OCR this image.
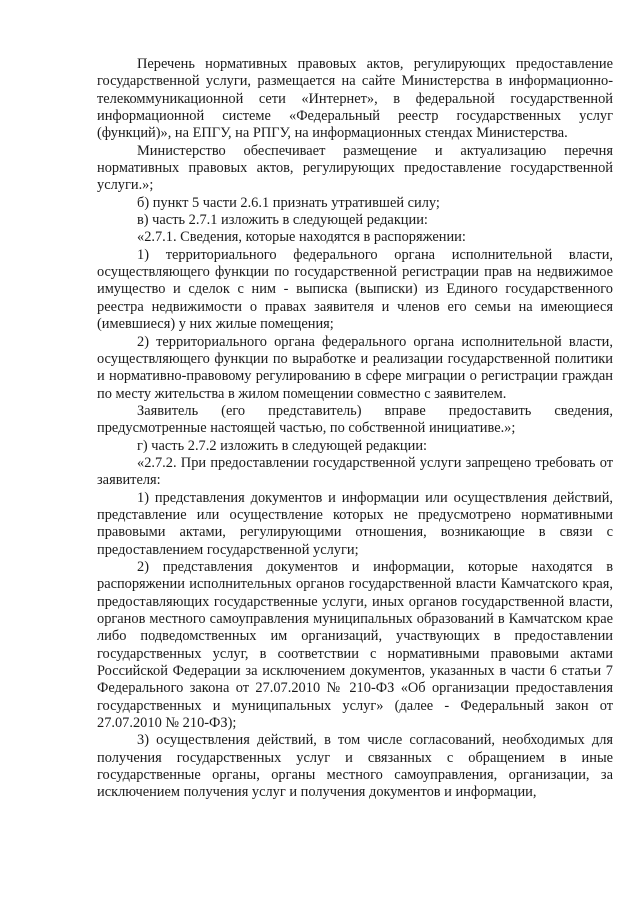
Перечень нормативных правовых актов, регулирующих предоставление государственной услуги, размещается на сайте Министерства в информационно-телекоммуникационной сети «Интернет», в федеральной государственной информационной системе «Федеральный реестр государственных услуг (функций)», на ЕПГУ, на РПГУ, на информационных стендах Министерства.

Министерство обеспечивает размещение и актуализацию перечня нормативных правовых актов, регулирующих предоставление государственной услуги.»;

б) пункт 5 части 2.6.1 признать утратившей силу;

в) часть 2.7.1 изложить в следующей редакции:

«2.7.1. Сведения, которые находятся в распоряжении:

1) территориального федерального органа исполнительной власти, осуществляющего функции по государственной регистрации прав на недвижимое имущество и сделок с ним - выписка (выписки) из Единого государственного реестра недвижимости о правах заявителя и членов его семьи на имеющиеся (имевшиеся) у них жилые помещения;

2) территориального органа федерального органа исполнительной власти, осуществляющего функции по выработке и реализации государственной политики и нормативно-правовому регулированию в сфере миграции о регистрации граждан по месту жительства в жилом помещении совместно с заявителем.

Заявитель (его представитель) вправе предоставить сведения, предусмотренные настоящей частью, по собственной инициативе.»;

г) часть 2.7.2 изложить в следующей редакции:

«2.7.2. При предоставлении государственной услуги запрещено требовать от заявителя:

1) представления документов и информации или осуществления действий, представление или осуществление которых не предусмотрено нормативными правовыми актами, регулирующими отношения, возникающие в связи с предоставлением государственной услуги;

2) представления документов и информации, которые находятся в распоряжении исполнительных органов государственной власти Камчатского края, предоставляющих государственные услуги, иных органов государственной власти, органов местного самоуправления муниципальных образований в Камчатском крае либо подведомственных им организаций, участвующих в предоставлении государственных услуг, в соответствии с нормативными правовыми актами Российской Федерации за исключением документов, указанных в части 6 статьи 7 Федерального закона от 27.07.2010 № 210-ФЗ «Об организации предоставления государственных и муниципальных услуг» (далее - Федеральный закон от 27.07.2010 № 210-ФЗ);

3) осуществления действий, в том числе согласований, необходимых для получения государственных услуг и связанных с обращением в иные государственные органы, органы местного самоуправления, организации, за исключением получения услуг и получения документов и информации,
